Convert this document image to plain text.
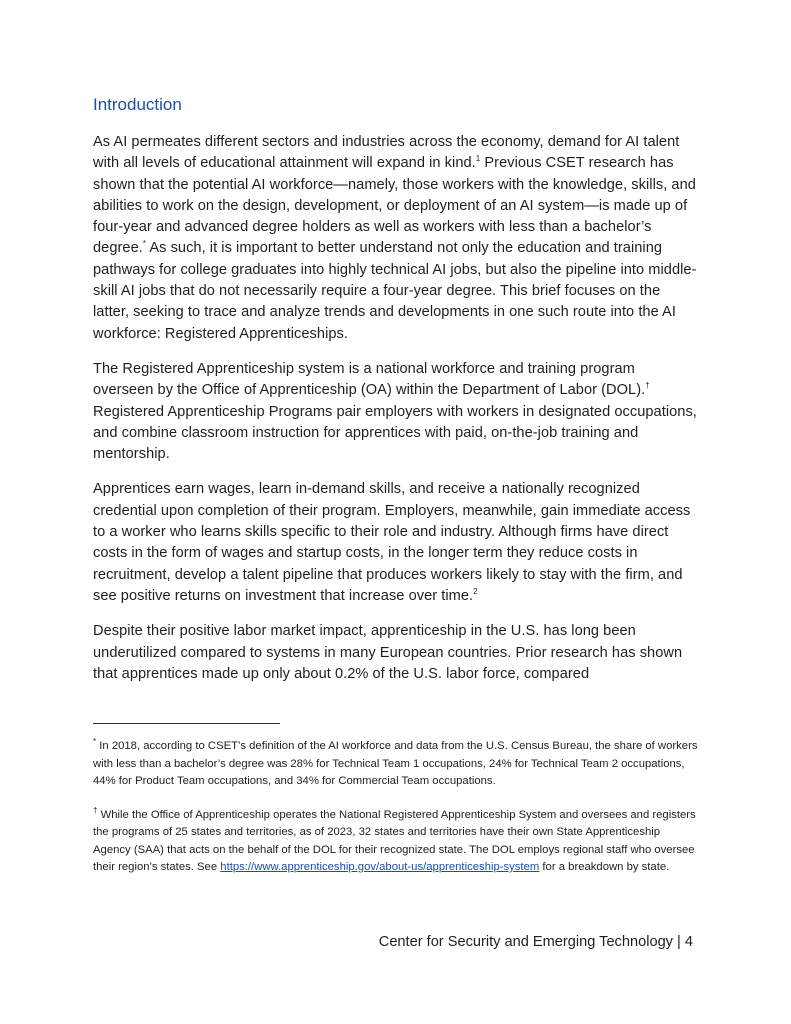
Introduction

As AI permeates different sectors and industries across the economy, demand for AI talent with all levels of educational attainment will expand in kind.$^1$ Previous CSET research has shown that the potential AI workforce—namely, those workers with the knowledge, skills, and abilities to work on the design, development, or deployment of an AI system—is made up of four-year and advanced degree holders as well as workers with less than a bachelor’s degree.* As such, it is important to better understand not only the education and training pathways for college graduates into highly technical AI jobs, but also the pipeline into middle-skill AI jobs that do not necessarily require a four-year degree. This brief focuses on the latter, seeking to trace and analyze trends and developments in one such route into the AI workforce: Registered Apprenticeships.

The Registered Apprenticeship system is a national workforce and training program overseen by the Office of Apprenticeship (OA) within the Department of Labor (DOL).† Registered Apprenticeship Programs pair employers with workers in designated occupations, and combine classroom instruction for apprentices with paid, on-the-job training and mentorship.

Apprentices earn wages, learn in-demand skills, and receive a nationally recognized credential upon completion of their program. Employers, meanwhile, gain immediate access to a worker who learns skills specific to their role and industry. Although firms have direct costs in the form of wages and startup costs, in the longer term they reduce costs in recruitment, develop a talent pipeline that produces workers likely to stay with the firm, and see positive returns on investment that increase over time.$^2$

Despite their positive labor market impact, apprenticeship in the U.S. has long been underutilized compared to systems in many European countries. Prior research has shown that apprentices made up only about 0.2% of the U.S. labor force, compared

* In 2018, according to CSET’s definition of the AI workforce and data from the U.S. Census Bureau, the share of workers with less than a bachelor’s degree was 28% for Technical Team 1 occupations, 24% for Technical Team 2 occupations, 44% for Product Team occupations, and 34% for Commercial Team occupations.

† While the Office of Apprenticeship operates the National Registered Apprenticeship System and oversees and registers the programs of 25 states and territories, as of 2023, 32 states and territories have their own State Apprenticeship Agency (SAA) that acts on the behalf of the DOL for their recognized state. The DOL employs regional staff who oversee their region’s states. See https://www.apprenticeship.gov/about-us/apprenticeship-system for a breakdown by state.

Center for Security and Emerging Technology | 4
